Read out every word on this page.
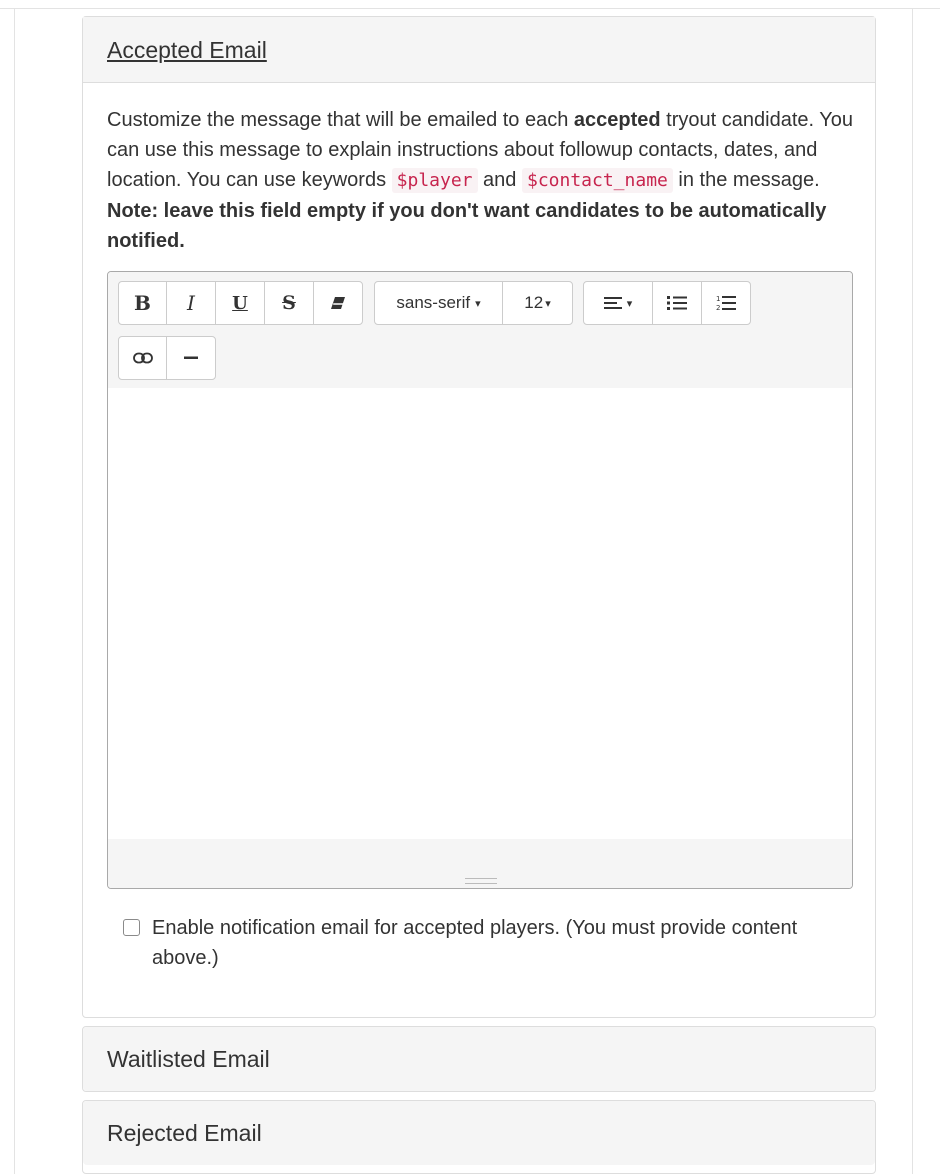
Accepted Email
Customize the message that will be emailed to each accepted tryout candidate. You can use this message to explain instructions about followup contacts, dates, and location. You can use keywords $player and $contact_name in the message. Note: leave this field empty if you don't want candidates to be automatically notified.
B	I	U	S	sans-serif ▾	12 ▾	▾	1
2
Enable notification email for accepted players. (You must provide content above.)
Waitlisted Email
Rejected Email
